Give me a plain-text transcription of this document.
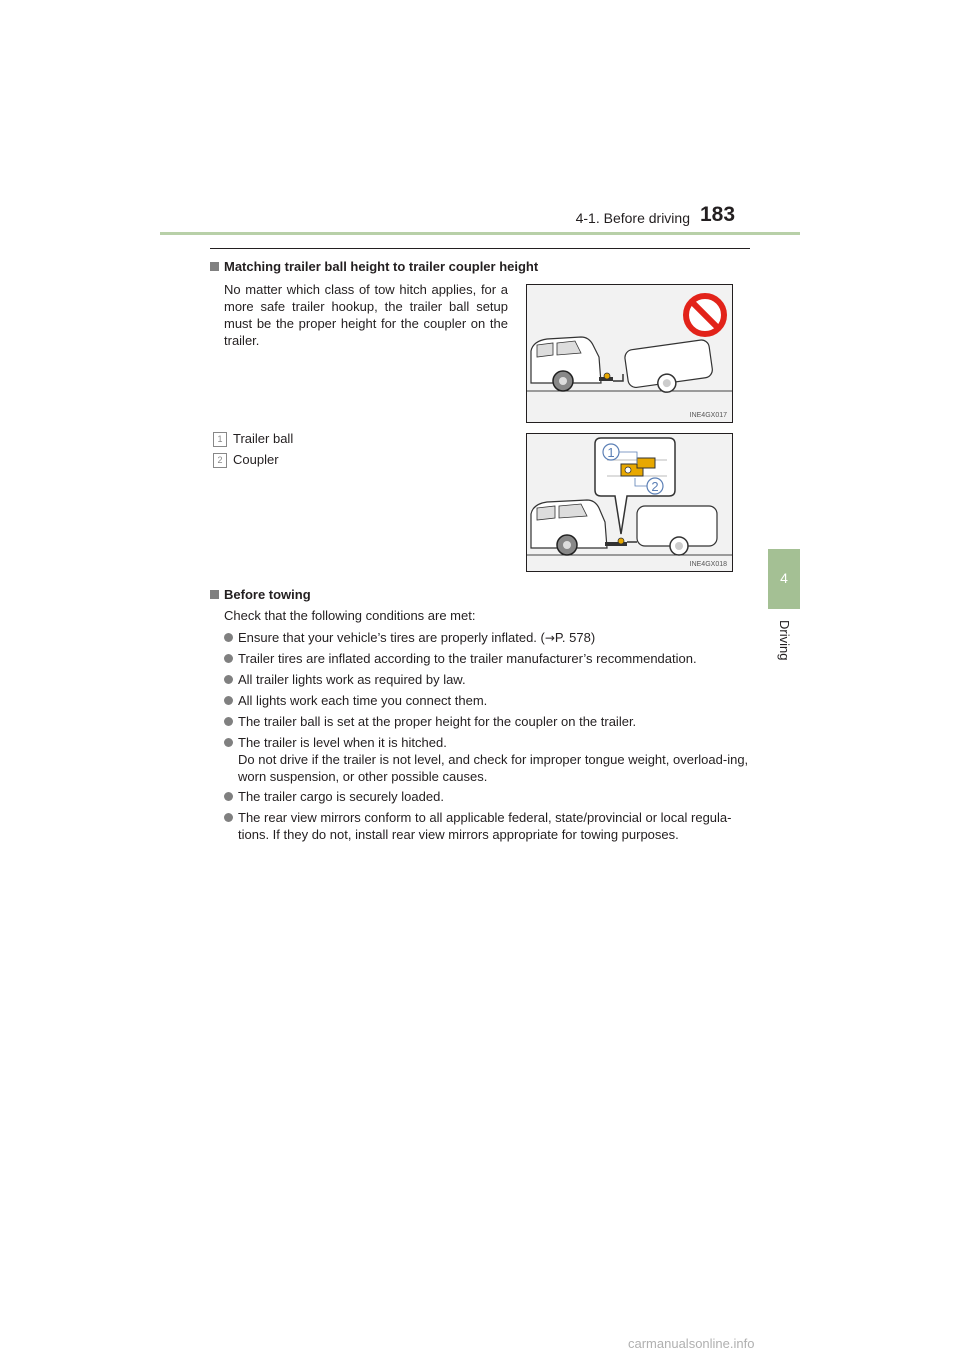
4-1. Before driving 183
4
Driving
Matching trailer ball height to trailer coupler height
No matter which class of tow hitch applies, for a more safe trailer hookup, the trailer ball setup must be the proper height for the coupler on the trailer.
INE4GX017
1 Trailer ball
2 Coupler	1
2
INE4GX018
Before towing
Check that the following conditions are met:
Ensure that your vehicle’s tires are properly inflated. (→P. 578)
Trailer tires are inflated according to the trailer manufacturer’s recommendation.
All trailer lights work as required by law.
All lights work each time you connect them.
The trailer ball is set at the proper height for the coupler on the trailer.
The trailer is level when it is hitched.
Do not drive if the trailer is not level, and check for improper tongue weight, overload-ing, worn suspension, or other possible causes.
The trailer cargo is securely loaded.
The rear view mirrors conform to all applicable federal, state/provincial or local regula-tions. If they do not, install rear view mirrors appropriate for towing purposes.
carmanualsonline.info
